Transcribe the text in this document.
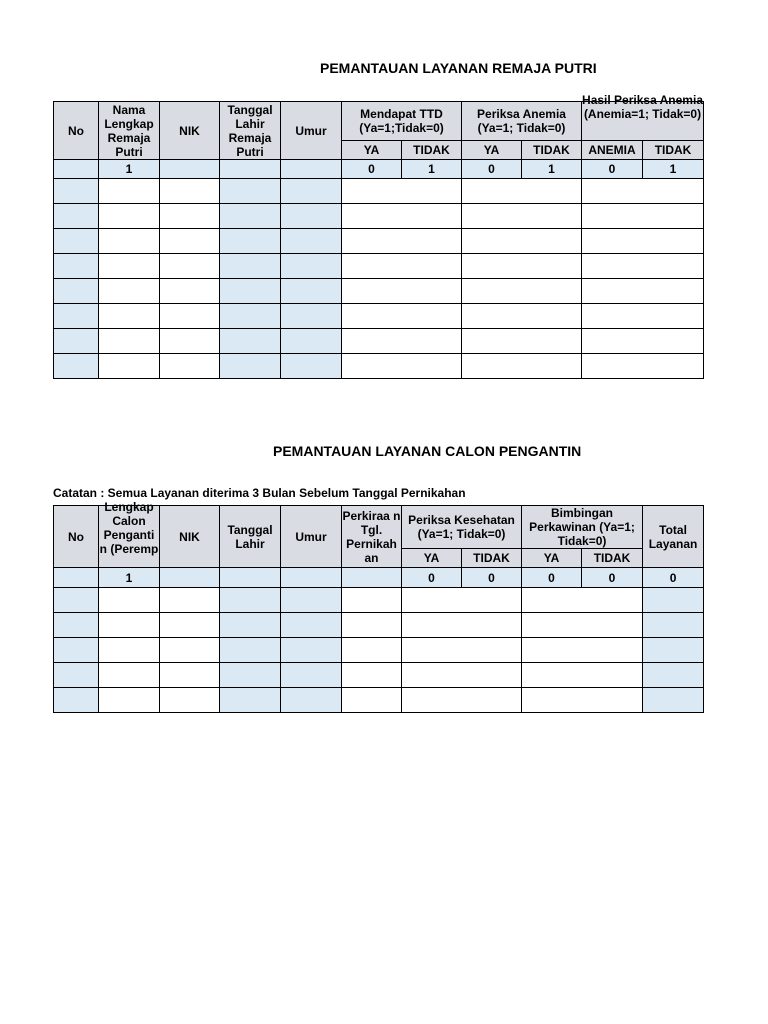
PEMANTAUAN LAYANAN REMAJA PUTRI
No	Nama Lengkap Remaja Putri	NIK	Tanggal Lahir Remaja Putri	Umur	Mendapat TTD (Ya=1;Tidak=0)		Periksa Anemia (Ya=1; Tidak=0)		Hasil Periksa Anemia (Anemia=1; Tidak=0)	

					YA	TIDAK	YA	TIDAK	ANEMIA	TIDAK
	1				0	1	0	1	0	1

PEMANTAUAN LAYANAN CALON PENGANTIN
Catatan : Semua Layanan diterima 3 Bulan Sebelum Tanggal Pernikahan
No	Lengkap Calon Penganti n (Peremp	NIK	Tanggal Lahir	Umur	Perkiraa n Tgl. Pernikah an	Periksa Kesehatan (Ya=1; Tidak=0)		Bimbingan Perkawinan (Ya=1; Tidak=0)		Total Layanan
						YA	TIDAK	YA	TIDAK	
	1					0	0	0	0	0
